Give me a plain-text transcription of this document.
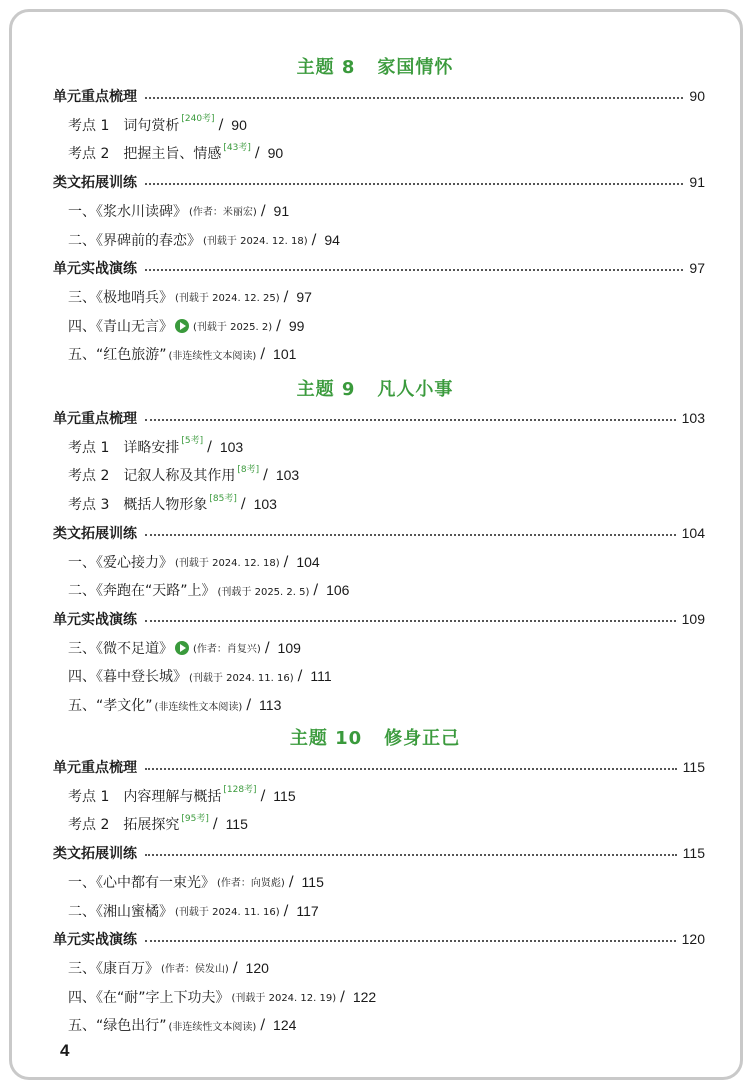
主题 8 家国情怀
单元重点梳理	90
考点 1　词句赏析 [240考] / 90
考点 2　把握主旨、情感 [43考] / 90
类文拓展训练	91
一、《浆水川读碑》 (作者：米丽宏) / 91
二、《界碑前的春恋》 (刊载于 2024. 12. 18) / 94
单元实战演练	97
三、《极地哨兵》 (刊载于 2024. 12. 25) / 97
四、《青山无言》 (刊载于 2025. 2) / 99
五、“红色旅游” (非连续性文本阅读) / 101
主题 9 凡人小事
单元重点梳理	103
考点 1　详略安排 [5考] / 103
考点 2　记叙人称及其作用 [8考] / 103
考点 3　概括人物形象 [85考] / 103
类文拓展训练	104
一、《爱心接力》 (刊载于 2024. 12. 18) / 104
二、《奔跑在“天路”上》 (刊载于 2025. 2. 5) / 106
单元实战演练	109
三、《微不足道》 (作者：肖复兴) / 109
四、《暮中登长城》 (刊载于 2024. 11. 16) / 111
五、“孝文化” (非连续性文本阅读) / 113
主题 10 修身正己
单元重点梳理	115
考点 1　内容理解与概括 [128考] / 115
考点 2　拓展探究 [95考] / 115
类文拓展训练	115
一、《心中都有一束光》 (作者：向贤彪) / 115
二、《湘山蜜橘》 (刊载于 2024. 11. 16) / 117
单元实战演练	120
三、《康百万》 (作者：侯发山) / 120
四、《在“耐”字上下功夫》 (刊载于 2024. 12. 19) / 122
五、“绿色出行” (非连续性文本阅读) / 124
4
